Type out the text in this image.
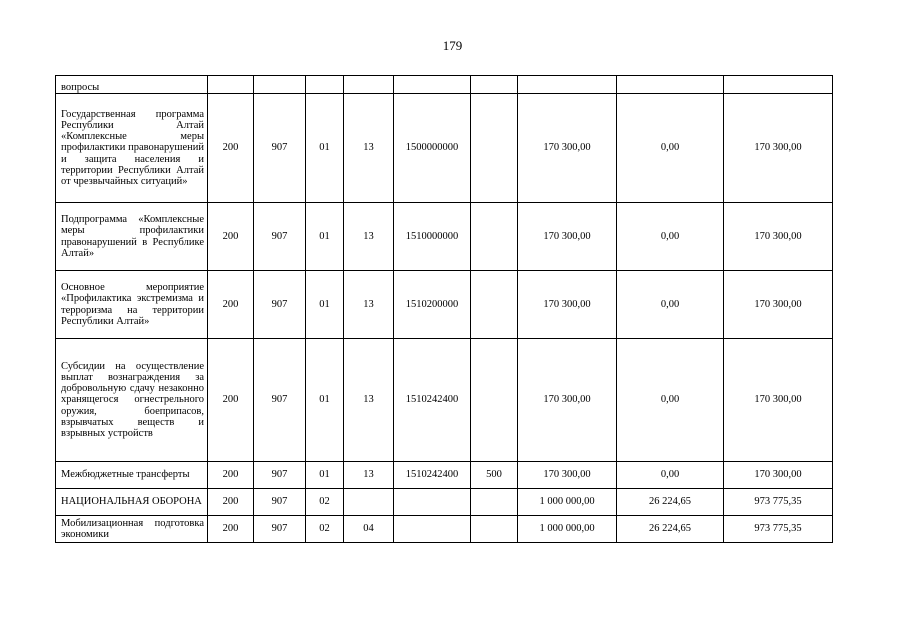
179
вопросы									
Государственная программа Республики Алтай «Комплексные меры профилактики правонарушений и защита населения и территории Республики Алтай от чрезвычайных ситуаций»	200	907	01	13	1500000000		170 300,00	0,00	170 300,00
Подпрограмма «Комплексные меры профилактики правонарушений в Республике Алтай»	200	907	01	13	1510000000		170 300,00	0,00	170 300,00
Основное мероприятие «Профилактика экстремизма и терроризма на территории Республики Алтай»	200	907	01	13	1510200000		170 300,00	0,00	170 300,00
Субсидии на осуществление выплат вознаграждения за добровольную сдачу незаконно хранящегося огнестрельного оружия, боеприпасов, взрывчатых веществ и взрывных устройств	200	907	01	13	1510242400		170 300,00	0,00	170 300,00
Межбюджетные трансферты	200	907	01	13	1510242400	500	170 300,00	0,00	170 300,00
НАЦИОНАЛЬНАЯ ОБОРОНА	200	907	02				1 000 000,00	26 224,65	973 775,35
Мобилизационная подготовка экономики	200	907	02	04			1 000 000,00	26 224,65	973 775,35
